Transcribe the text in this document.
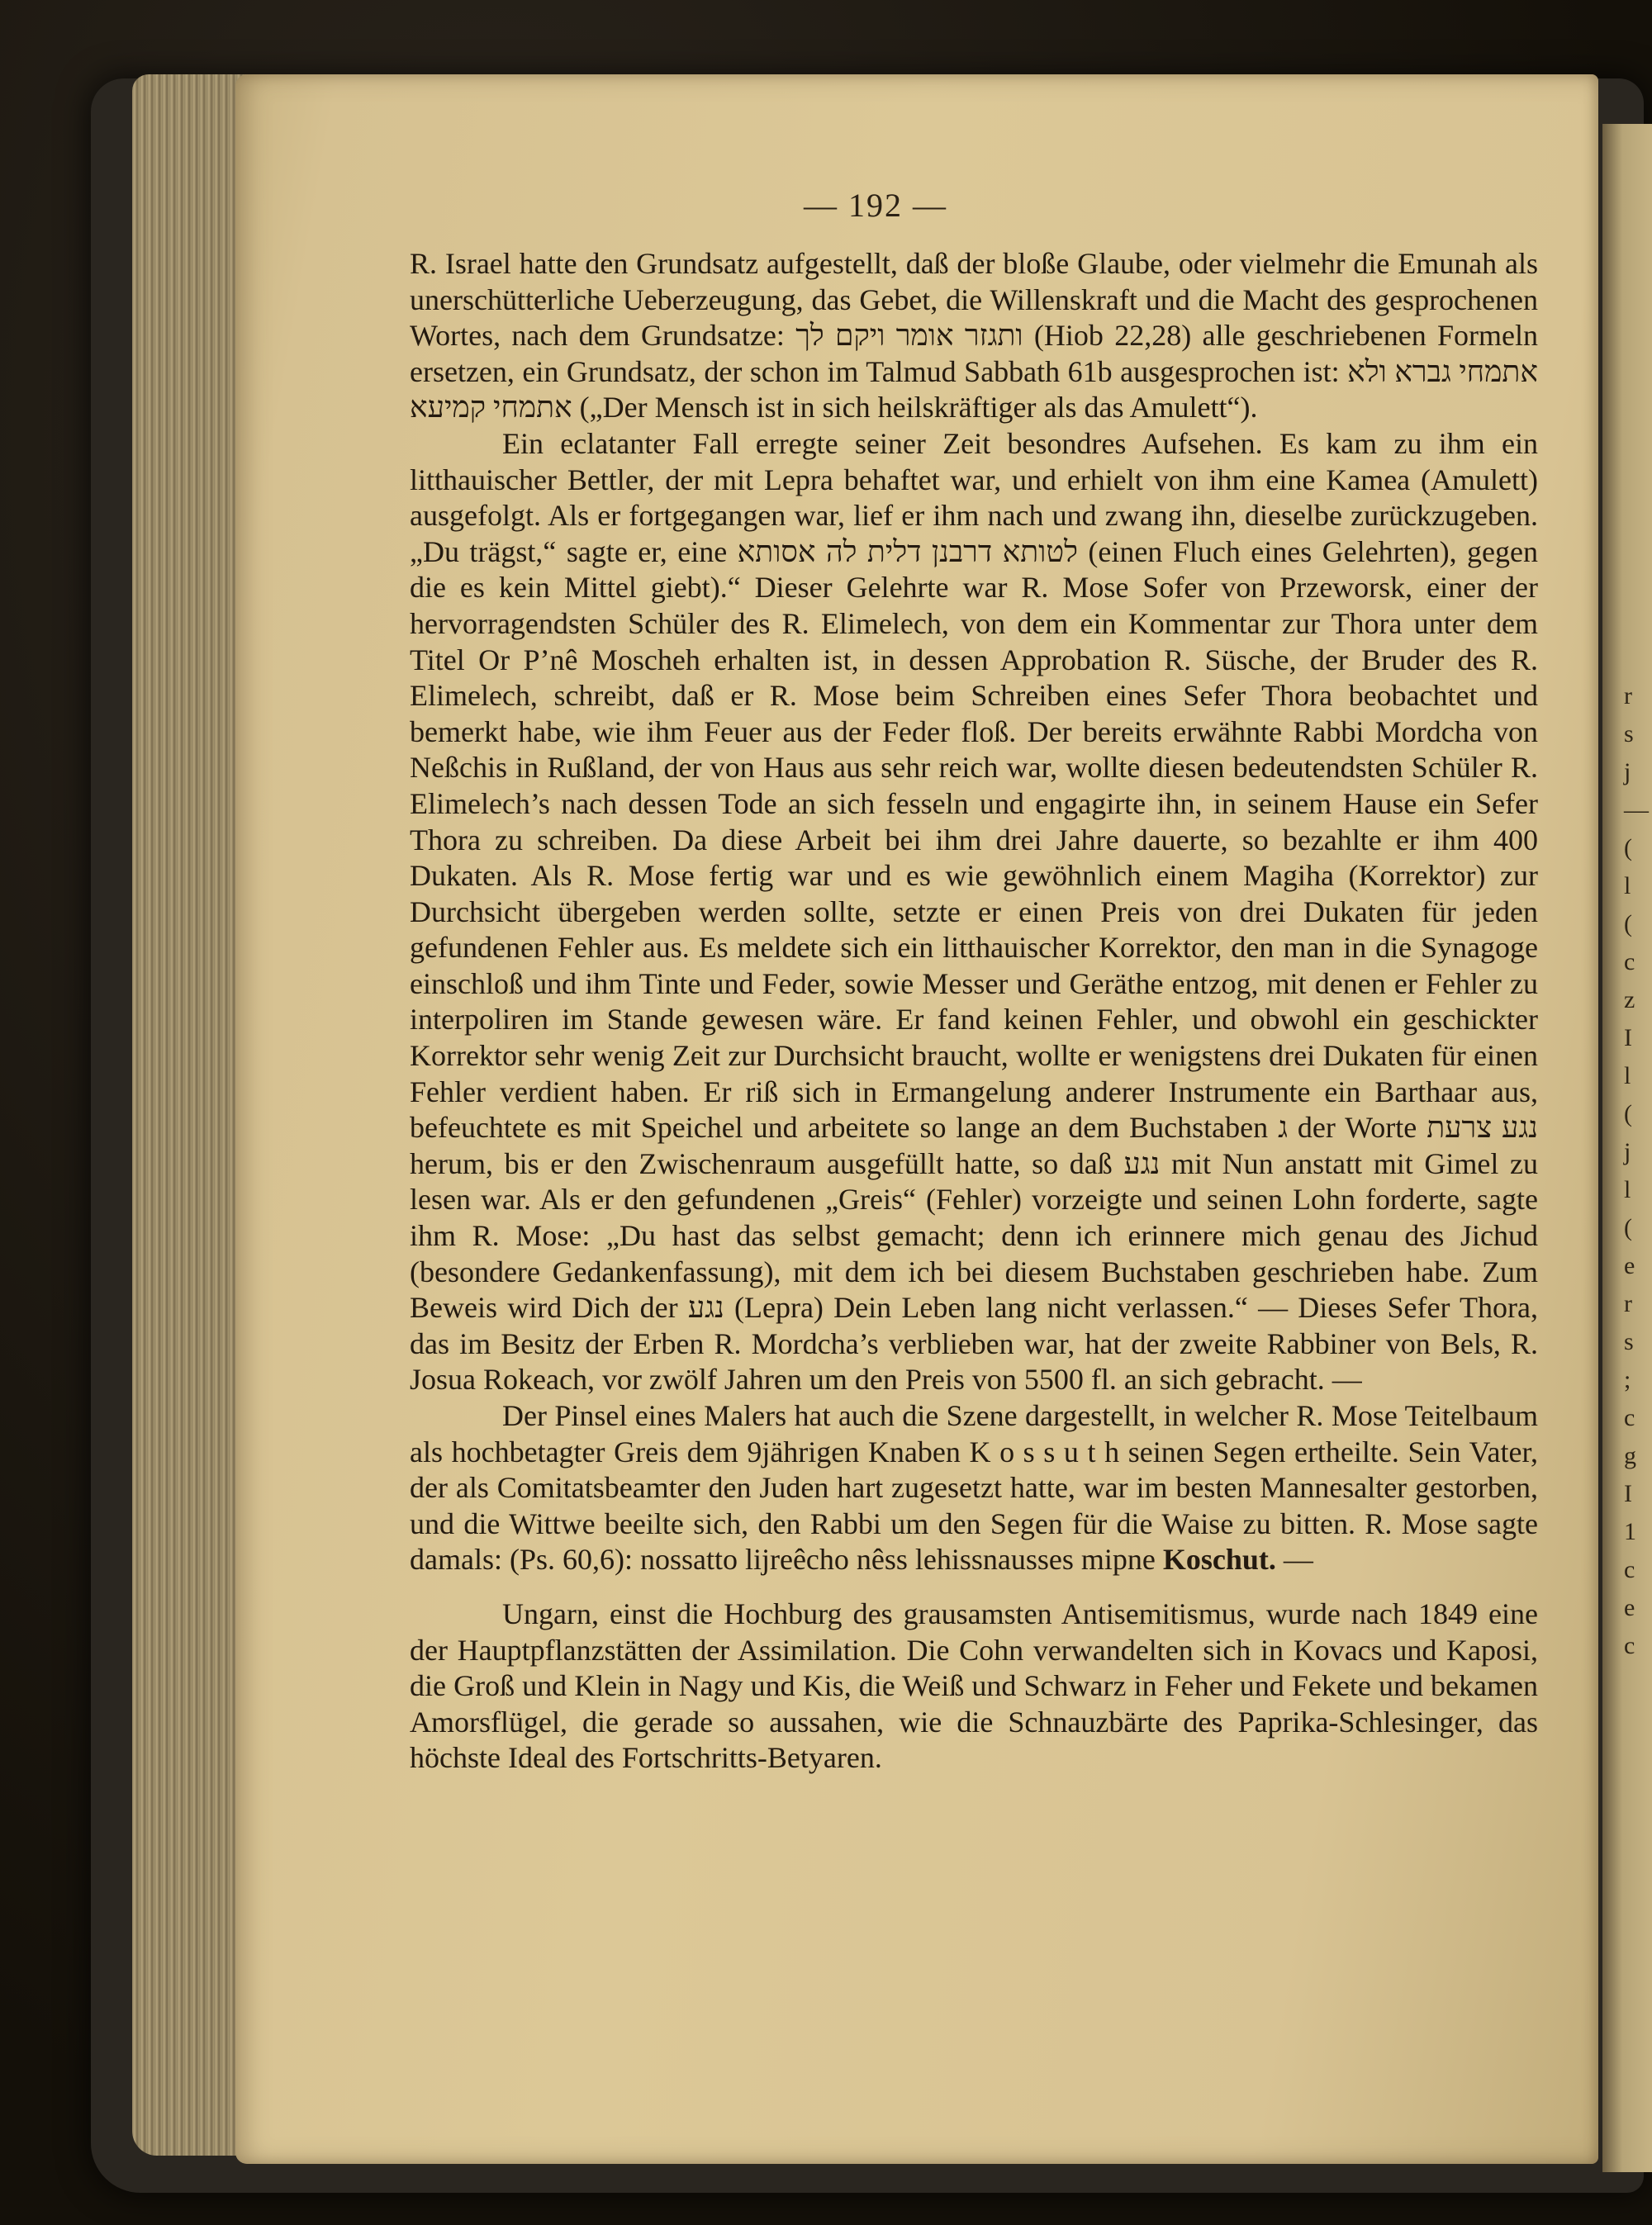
r
s
j
—
(
l
(
c
z
I
l
(
j
l
(
e
r
s
;
c
g
I
1
c
e
c
— 192 —

R. Israel hatte den Grundsatz aufgestellt, daß der bloße Glaube, oder vielmehr die Emunah als unerschütterliche Ueberzeugung, das Gebet, die Willenskraft und die Macht des gesprochenen Wortes, nach dem Grundsatze: ותגזר אומר ויקם לך (Hiob 22,28) alle geschriebenen Formeln ersetzen, ein Grundsatz, der schon im Talmud Sabbath 61b ausgesprochen ist: אתמחי גברא ולא אתמחי קמיעא („Der Mensch ist in sich heilskräftiger als das Amulett“).

Ein eclatanter Fall erregte seiner Zeit besondres Aufsehen. Es kam zu ihm ein litthauischer Bettler, der mit Lepra behaftet war, und erhielt von ihm eine Kamea (Amulett) ausgefolgt. Als er fortgegangen war, lief er ihm nach und zwang ihn, dieselbe zurückzugeben. „Du trägst,“ sagte er, eine לטותא דרבנן דלית לה אסותא (einen Fluch eines Gelehrten), gegen die es kein Mittel giebt).“ Dieser Gelehrte war R. Mose Sofer von Przeworsk, einer der hervorragendsten Schüler des R. Elimelech, von dem ein Kommentar zur Thora unter dem Titel Or P’nê Moscheh erhalten ist, in dessen Approbation R. Süsche, der Bruder des R. Elimelech, schreibt, daß er R. Mose beim Schreiben eines Sefer Thora beobachtet und bemerkt habe, wie ihm Feuer aus der Feder floß. Der bereits erwähnte Rabbi Mordcha von Neßchis in Rußland, der von Haus aus sehr reich war, wollte diesen bedeutendsten Schüler R. Elimelech’s nach dessen Tode an sich fesseln und engagirte ihn, in seinem Hause ein Sefer Thora zu schreiben. Da diese Arbeit bei ihm drei Jahre dauerte, so bezahlte er ihm 400 Dukaten. Als R. Mose fertig war und es wie gewöhnlich einem Magiha (Korrektor) zur Durchsicht übergeben werden sollte, setzte er einen Preis von drei Dukaten für jeden gefundenen Fehler aus. Es meldete sich ein litthauischer Korrektor, den man in die Synagoge einschloß und ihm Tinte und Feder, sowie Messer und Geräthe entzog, mit denen er Fehler zu interpoliren im Stande gewesen wäre. Er fand keinen Fehler, und obwohl ein geschickter Korrektor sehr wenig Zeit zur Durchsicht braucht, wollte er wenigstens drei Dukaten für einen Fehler verdient haben. Er riß sich in Ermangelung anderer Instrumente ein Barthaar aus, befeuchtete es mit Speichel und arbeitete so lange an dem Buchstaben ג der Worte נגע צרעת herum, bis er den Zwischenraum ausgefüllt hatte, so daß נגע mit Nun anstatt mit Gimel zu lesen war. Als er den gefundenen „Greis“ (Fehler) vorzeigte und seinen Lohn forderte, sagte ihm R. Mose: „Du hast das selbst gemacht; denn ich erinnere mich genau des Jichud (besondere Gedankenfassung), mit dem ich bei diesem Buchstaben geschrieben habe. Zum Beweis wird Dich der נגע (Lepra) Dein Leben lang nicht verlassen.“ — Dieses Sefer Thora, das im Besitz der Erben R. Mordcha’s verblieben war, hat der zweite Rabbiner von Bels, R. Josua Rokeach, vor zwölf Jahren um den Preis von 5500 fl. an sich gebracht. —

Der Pinsel eines Malers hat auch die Szene dargestellt, in welcher R. Mose Teitelbaum als hochbetagter Greis dem 9jährigen Knaben K o s s u t h seinen Segen ertheilte. Sein Vater, der als Comitatsbeamter den Juden hart zugesetzt hatte, war im besten Mannesalter gestorben, und die Wittwe beeilte sich, den Rabbi um den Segen für die Waise zu bitten. R. Mose sagte damals: (Ps. 60,6): nossatto lijreêcho nêss lehissnausses mipne Koschut. —

Ungarn, einst die Hochburg des grausamsten Antisemitismus, wurde nach 1849 eine der Hauptpflanzstätten der Assimilation. Die Cohn verwandelten sich in Kovacs und Kaposi, die Groß und Klein in Nagy und Kis, die Weiß und Schwarz in Feher und Fekete und bekamen Amorsflügel, die gerade so aussahen, wie die Schnauzbärte des Paprika-Schlesinger, das höchste Ideal des Fortschritts-Betyaren.
